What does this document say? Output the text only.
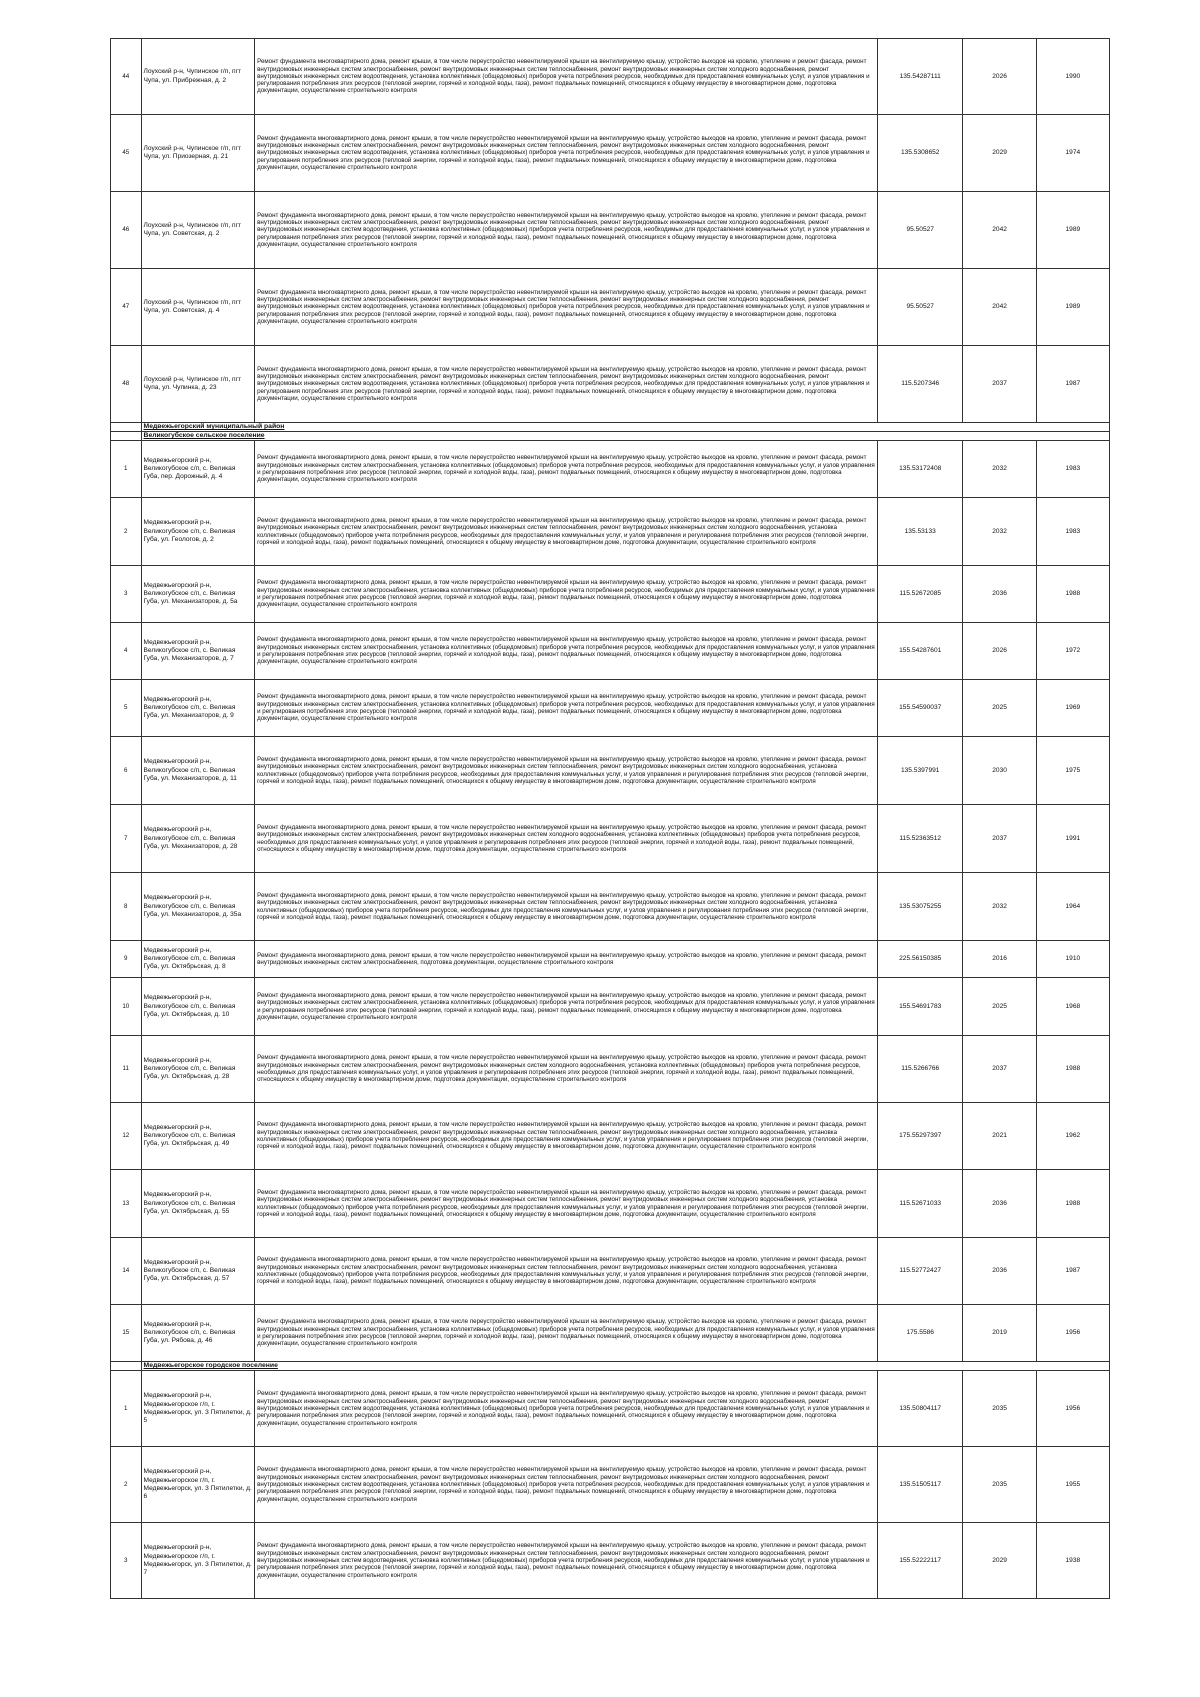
44	Лоухский р-н, Чупинское г/п, пгт Чупа, ул. Прибрежная, д. 2	Ремонт фундамента многоквартирного дома, ремонт крыши, в том числе переустройство невентилируемой крыши на вентилируемую крышу, устройство выходов на кровлю, утепление и ремонт фасада, ремонт внутридомовых инженерных систем электроснабжения, ремонт внутридомовых инженерных систем теплоснабжения, ремонт внутридомовых инженерных систем холодного водоснабжения, ремонт внутридомовых инженерных систем водоотведения, установка коллективных (общедомовых) приборов учета потребления ресурсов, необходимых для предоставления коммунальных услуг, и узлов управления и регулирования потребления этих ресурсов (тепловой энергии, горячей и холодной воды, газа), ремонт подвальных помещений, относящихся к общему имуществу в многоквартирном доме, подготовка документации, осуществление строительного контроля	135.54287111	2026	1990
45	Лоухский р-н, Чупинское г/п, пгт Чупа, ул. Приозерная, д. 21	Ремонт фундамента многоквартирного дома, ремонт крыши, в том числе переустройство невентилируемой крыши на вентилируемую крышу, устройство выходов на кровлю, утепление и ремонт фасада, ремонт внутридомовых инженерных систем электроснабжения, ремонт внутридомовых инженерных систем теплоснабжения, ремонт внутридомовых инженерных систем холодного водоснабжения, ремонт внутридомовых инженерных систем водоотведения, установка коллективных (общедомовых) приборов учета потребления ресурсов, необходимых для предоставления коммунальных услуг, и узлов управления и регулирования потребления этих ресурсов (тепловой энергии, горячей и холодной воды, газа), ремонт подвальных помещений, относящихся к общему имуществу в многоквартирном доме, подготовка документации, осуществление строительного контроля	135.5308652	2029	1974
46	Лоухский р-н, Чупинское г/п, пгт Чупа, ул. Советская, д. 2	Ремонт фундамента многоквартирного дома, ремонт крыши, в том числе переустройство невентилируемой крыши на вентилируемую крышу, устройство выходов на кровлю, утепление и ремонт фасада, ремонт внутридомовых инженерных систем электроснабжения, ремонт внутридомовых инженерных систем теплоснабжения, ремонт внутридомовых инженерных систем холодного водоснабжения, ремонт внутридомовых инженерных систем водоотведения, установка коллективных (общедомовых) приборов учета потребления ресурсов, необходимых для предоставления коммунальных услуг, и узлов управления и регулирования потребления этих ресурсов (тепловой энергии, горячей и холодной воды, газа), ремонт подвальных помещений, относящихся к общему имуществу в многоквартирном доме, подготовка документации, осуществление строительного контроля	95.50527	2042	1989
47	Лоухский р-н, Чупинское г/п, пгт Чупа, ул. Советская, д. 4	Ремонт фундамента многоквартирного дома, ремонт крыши, в том числе переустройство невентилируемой крыши на вентилируемую крышу, устройство выходов на кровлю, утепление и ремонт фасада, ремонт внутридомовых инженерных систем электроснабжения, ремонт внутридомовых инженерных систем теплоснабжения, ремонт внутридомовых инженерных систем холодного водоснабжения, ремонт внутридомовых инженерных систем водоотведения, установка коллективных (общедомовых) приборов учета потребления ресурсов, необходимых для предоставления коммунальных услуг, и узлов управления и регулирования потребления этих ресурсов (тепловой энергии, горячей и холодной воды, газа), ремонт подвальных помещений, относящихся к общему имуществу в многоквартирном доме, подготовка документации, осуществление строительного контроля	95.50527	2042	1989
48	Лоухский р-н, Чупинское г/п, пгт Чупа, ул. Чупинка, д. 23	Ремонт фундамента многоквартирного дома, ремонт крыши, в том числе переустройство невентилируемой крыши на вентилируемую крышу, устройство выходов на кровлю, утепление и ремонт фасада, ремонт внутридомовых инженерных систем электроснабжения, ремонт внутридомовых инженерных систем теплоснабжения, ремонт внутридомовых инженерных систем холодного водоснабжения, ремонт внутридомовых инженерных систем водоотведения, установка коллективных (общедомовых) приборов учета потребления ресурсов, необходимых для предоставления коммунальных услуг, и узлов управления и регулирования потребления этих ресурсов (тепловой энергии, горячей и холодной воды, газа), ремонт подвальных помещений, относящихся к общему имуществу в многоквартирном доме, подготовка документации, осуществление строительного контроля	115.5207346	2037	1987
	Медвежьегорский муниципальный район				
	Великогубское сельское поселение				
1	Медвежьегорский р-н, Великогубское с/п, с. Великая Губа, пер. Дорожный, д. 4	Ремонт фундамента многоквартирного дома, ремонт крыши, в том числе переустройство невентилируемой крыши на вентилируемую крышу, устройство выходов на кровлю, утепление и ремонт фасада, ремонт внутридомовых инженерных систем электроснабжения, установка коллективных (общедомовых) приборов учета потребления ресурсов, необходимых для предоставления коммунальных услуг, и узлов управления и регулирования потребления этих ресурсов (тепловой энергии, горячей и холодной воды, газа), ремонт подвальных помещений, относящихся к общему имуществу в многоквартирном доме, подготовка документации, осуществление строительного контроля	135.53172408	2032	1983
2	Медвежьегорский р-н, Великогубское с/п, с. Великая Губа, ул. Геологов, д. 2	Ремонт фундамента многоквартирного дома, ремонт крыши, в том числе переустройство невентилируемой крыши на вентилируемую крышу, устройство выходов на кровлю, утепление и ремонт фасада, ремонт внутридомовых инженерных систем электроснабжения, ремонт внутридомовых инженерных систем теплоснабжения, ремонт внутридомовых инженерных систем холодного водоснабжения, установка коллективных (общедомовых) приборов учета потребления ресурсов, необходимых для предоставления коммунальных услуг, и узлов управления и регулирования потребления этих ресурсов (тепловой энергии, горячей и холодной воды, газа), ремонт подвальных помещений, относящихся к общему имуществу в многоквартирном доме, подготовка документации, осуществление строительного контроля	135.53133	2032	1983
3	Медвежьегорский р-н, Великогубское с/п, с. Великая Губа, ул. Механизаторов, д. 5а	Ремонт фундамента многоквартирного дома, ремонт крыши, в том числе переустройство невентилируемой крыши на вентилируемую крышу, устройство выходов на кровлю, утепление и ремонт фасада, ремонт внутридомовых инженерных систем электроснабжения, установка коллективных (общедомовых) приборов учета потребления ресурсов, необходимых для предоставления коммунальных услуг, и узлов управления и регулирования потребления этих ресурсов (тепловой энергии, горячей и холодной воды, газа), ремонт подвальных помещений, относящихся к общему имуществу в многоквартирном доме, подготовка документации, осуществление строительного контроля	115.52672085	2036	1988
4	Медвежьегорский р-н, Великогубское с/п, с. Великая Губа, ул. Механизаторов, д. 7	Ремонт фундамента многоквартирного дома, ремонт крыши, в том числе переустройство невентилируемой крыши на вентилируемую крышу, устройство выходов на кровлю, утепление и ремонт фасада, ремонт внутридомовых инженерных систем электроснабжения, установка коллективных (общедомовых) приборов учета потребления ресурсов, необходимых для предоставления коммунальных услуг, и узлов управления и регулирования потребления этих ресурсов (тепловой энергии, горячей и холодной воды, газа), ремонт подвальных помещений, относящихся к общему имуществу в многоквартирном доме, подготовка документации, осуществление строительного контроля	155.54287601	2026	1972
5	Медвежьегорский р-н, Великогубское с/п, с. Великая Губа, ул. Механизаторов, д. 9	Ремонт фундамента многоквартирного дома, ремонт крыши, в том числе переустройство невентилируемой крыши на вентилируемую крышу, устройство выходов на кровлю, утепление и ремонт фасада, ремонт внутридомовых инженерных систем электроснабжения, установка коллективных (общедомовых) приборов учета потребления ресурсов, необходимых для предоставления коммунальных услуг, и узлов управления и регулирования потребления этих ресурсов (тепловой энергии, горячей и холодной воды, газа), ремонт подвальных помещений, относящихся к общему имуществу в многоквартирном доме, подготовка документации, осуществление строительного контроля	155.54590037	2025	1969
6	Медвежьегорский р-н, Великогубское с/п, с. Великая Губа, ул. Механизаторов, д. 11	Ремонт фундамента многоквартирного дома, ремонт крыши, в том числе переустройство невентилируемой крыши на вентилируемую крышу, устройство выходов на кровлю, утепление и ремонт фасада, ремонт внутридомовых инженерных систем электроснабжения, ремонт внутридомовых инженерных систем теплоснабжения, ремонт внутридомовых инженерных систем холодного водоснабжения, установка коллективных (общедомовых) приборов учета потребления ресурсов, необходимых для предоставления коммунальных услуг, и узлов управления и регулирования потребления этих ресурсов (тепловой энергии, горячей и холодной воды, газа), ремонт подвальных помещений, относящихся к общему имуществу в многоквартирном доме, подготовка документации, осуществление строительного контроля	135.5397991	2030	1975
7	Медвежьегорский р-н, Великогубское с/п, с. Великая Губа, ул. Механизаторов, д. 28	Ремонт фундамента многоквартирного дома, ремонт крыши, в том числе переустройство невентилируемой крыши на вентилируемую крышу, устройство выходов на кровлю, утепление и ремонт фасада, ремонт внутридомовых инженерных систем электроснабжения, ремонт внутридомовых инженерных систем холодного водоснабжения, установка коллективных (общедомовых) приборов учета потребления ресурсов, необходимых для предоставления коммунальных услуг, и узлов управления и регулирования потребления этих ресурсов (тепловой энергии, горячей и холодной воды, газа), ремонт подвальных помещений, относящихся к общему имуществу в многоквартирном доме, подготовка документации, осуществление строительного контроля	115.52363512	2037	1991
8	Медвежьегорский р-н, Великогубское с/п, с. Великая Губа, ул. Механизаторов, д. 35а	Ремонт фундамента многоквартирного дома, ремонт крыши, в том числе переустройство невентилируемой крыши на вентилируемую крышу, устройство выходов на кровлю, утепление и ремонт фасада, ремонт внутридомовых инженерных систем электроснабжения, ремонт внутридомовых инженерных систем теплоснабжения, ремонт внутридомовых инженерных систем холодного водоснабжения, установка коллективных (общедомовых) приборов учета потребления ресурсов, необходимых для предоставления коммунальных услуг, и узлов управления и регулирования потребления этих ресурсов (тепловой энергии, горячей и холодной воды, газа), ремонт подвальных помещений, относящихся к общему имуществу в многоквартирном доме, подготовка документации, осуществление строительного контроля	135.53075255	2032	1964
9	Медвежьегорский р-н, Великогубское с/п, с. Великая Губа, ул. Октябрьская, д. 8	Ремонт фундамента многоквартирного дома, ремонт крыши, в том числе переустройство невентилируемой крыши на вентилируемую крышу, устройство выходов на кровлю, утепление и ремонт фасада, ремонт внутридомовых инженерных систем электроснабжения, подготовка документации, осуществление строительного контроля	225.56150385	2016	1910
10	Медвежьегорский р-н, Великогубское с/п, с. Великая Губа, ул. Октябрьская, д. 10	Ремонт фундамента многоквартирного дома, ремонт крыши, в том числе переустройство невентилируемой крыши на вентилируемую крышу, устройство выходов на кровлю, утепление и ремонт фасада, ремонт внутридомовых инженерных систем электроснабжения, установка коллективных (общедомовых) приборов учета потребления ресурсов, необходимых для предоставления коммунальных услуг, и узлов управления и регулирования потребления этих ресурсов (тепловой энергии, горячей и холодной воды, газа), ремонт подвальных помещений, относящихся к общему имуществу в многоквартирном доме, подготовка документации, осуществление строительного контроля	155.54691783	2025	1968
11	Медвежьегорский р-н, Великогубское с/п, с. Великая Губа, ул. Октябрьская, д. 28	Ремонт фундамента многоквартирного дома, ремонт крыши, в том числе переустройство невентилируемой крыши на вентилируемую крышу, устройство выходов на кровлю, утепление и ремонт фасада, ремонт внутридомовых инженерных систем электроснабжения, ремонт внутридомовых инженерных систем холодного водоснабжения, установка коллективных (общедомовых) приборов учета потребления ресурсов, необходимых для предоставления коммунальных услуг, и узлов управления и регулирования потребления этих ресурсов (тепловой энергии, горячей и холодной воды, газа), ремонт подвальных помещений, относящихся к общему имуществу в многоквартирном доме, подготовка документации, осуществление строительного контроля	115.5266766	2037	1988
12	Медвежьегорский р-н, Великогубское с/п, с. Великая Губа, ул. Октябрьская, д. 49	Ремонт фундамента многоквартирного дома, ремонт крыши, в том числе переустройство невентилируемой крыши на вентилируемую крышу, устройство выходов на кровлю, утепление и ремонт фасада, ремонт внутридомовых инженерных систем электроснабжения, ремонт внутридомовых инженерных систем теплоснабжения, ремонт внутридомовых инженерных систем холодного водоснабжения, установка коллективных (общедомовых) приборов учета потребления ресурсов, необходимых для предоставления коммунальных услуг, и узлов управления и регулирования потребления этих ресурсов (тепловой энергии, горячей и холодной воды, газа), ремонт подвальных помещений, относящихся к общему имуществу в многоквартирном доме, подготовка документации, осуществление строительного контроля	175.55297397	2021	1962
13	Медвежьегорский р-н, Великогубское с/п, с. Великая Губа, ул. Октябрьская, д. 55	Ремонт фундамента многоквартирного дома, ремонт крыши, в том числе переустройство невентилируемой крыши на вентилируемую крышу, устройство выходов на кровлю, утепление и ремонт фасада, ремонт внутридомовых инженерных систем электроснабжения, ремонт внутридомовых инженерных систем теплоснабжения, ремонт внутридомовых инженерных систем холодного водоснабжения, установка коллективных (общедомовых) приборов учета потребления ресурсов, необходимых для предоставления коммунальных услуг, и узлов управления и регулирования потребления этих ресурсов (тепловой энергии, горячей и холодной воды, газа), ремонт подвальных помещений, относящихся к общему имуществу в многоквартирном доме, подготовка документации, осуществление строительного контроля	115.52671033	2036	1988
14	Медвежьегорский р-н, Великогубское с/п, с. Великая Губа, ул. Октябрьская, д. 57	Ремонт фундамента многоквартирного дома, ремонт крыши, в том числе переустройство невентилируемой крыши на вентилируемую крышу, устройство выходов на кровлю, утепление и ремонт фасада, ремонт внутридомовых инженерных систем электроснабжения, ремонт внутридомовых инженерных систем теплоснабжения, ремонт внутридомовых инженерных систем холодного водоснабжения, установка коллективных (общедомовых) приборов учета потребления ресурсов, необходимых для предоставления коммунальных услуг, и узлов управления и регулирования потребления этих ресурсов (тепловой энергии, горячей и холодной воды, газа), ремонт подвальных помещений, относящихся к общему имуществу в многоквартирном доме, подготовка документации, осуществление строительного контроля	115.52772427	2036	1987
15	Медвежьегорский р-н, Великогубское с/п, с. Великая Губа, ул. Рябова, д. 46	Ремонт фундамента многоквартирного дома, ремонт крыши, в том числе переустройство невентилируемой крыши на вентилируемую крышу, устройство выходов на кровлю, утепление и ремонт фасада, ремонт внутридомовых инженерных систем электроснабжения, установка коллективных (общедомовых) приборов учета потребления ресурсов, необходимых для предоставления коммунальных услуг, и узлов управления и регулирования потребления этих ресурсов (тепловой энергии, горячей и холодной воды, газа), ремонт подвальных помещений, относящихся к общему имуществу в многоквартирном доме, подготовка документации, осуществление строительного контроля	175.5586	2019	1956
	Медвежьегорское городское поселение				
1	Медвежьегорский р-н, Медвежьегорское г/п, г. Медвежьегорск, ул. 3 Пятилетки, д. 5	Ремонт фундамента многоквартирного дома, ремонт крыши, в том числе переустройство невентилируемой крыши на вентилируемую крышу, устройство выходов на кровлю, утепление и ремонт фасада, ремонт внутридомовых инженерных систем электроснабжения, ремонт внутридомовых инженерных систем теплоснабжения, ремонт внутридомовых инженерных систем холодного водоснабжения, ремонт внутридомовых инженерных систем водоотведения, установка коллективных (общедомовых) приборов учета потребления ресурсов, необходимых для предоставления коммунальных услуг, и узлов управления и регулирования потребления этих ресурсов (тепловой энергии, горячей и холодной воды, газа), ремонт подвальных помещений, относящихся к общему имуществу в многоквартирном доме, подготовка документации, осуществление строительного контроля	135.50804117	2035	1956
2	Медвежьегорский р-н, Медвежьегорское г/п, г. Медвежьегорск, ул. 3 Пятилетки, д. 6	Ремонт фундамента многоквартирного дома, ремонт крыши, в том числе переустройство невентилируемой крыши на вентилируемую крышу, устройство выходов на кровлю, утепление и ремонт фасада, ремонт внутридомовых инженерных систем электроснабжения, ремонт внутридомовых инженерных систем теплоснабжения, ремонт внутридомовых инженерных систем холодного водоснабжения, ремонт внутридомовых инженерных систем водоотведения, установка коллективных (общедомовых) приборов учета потребления ресурсов, необходимых для предоставления коммунальных услуг, и узлов управления и регулирования потребления этих ресурсов (тепловой энергии, горячей и холодной воды, газа), ремонт подвальных помещений, относящихся к общему имуществу в многоквартирном доме, подготовка документации, осуществление строительного контроля	135.51505117	2035	1955
3	Медвежьегорский р-н, Медвежьегорское г/п, г. Медвежьегорск, ул. 3 Пятилетки, д. 7	Ремонт фундамента многоквартирного дома, ремонт крыши, в том числе переустройство невентилируемой крыши на вентилируемую крышу, устройство выходов на кровлю, утепление и ремонт фасада, ремонт внутридомовых инженерных систем электроснабжения, ремонт внутридомовых инженерных систем теплоснабжения, ремонт внутридомовых инженерных систем холодного водоснабжения, ремонт внутридомовых инженерных систем водоотведения, установка коллективных (общедомовых) приборов учета потребления ресурсов, необходимых для предоставления коммунальных услуг, и узлов управления и регулирования потребления этих ресурсов (тепловой энергии, горячей и холодной воды, газа), ремонт подвальных помещений, относящихся к общему имуществу в многоквартирном доме, подготовка документации, осуществление строительного контроля	155.52222117	2029	1938
